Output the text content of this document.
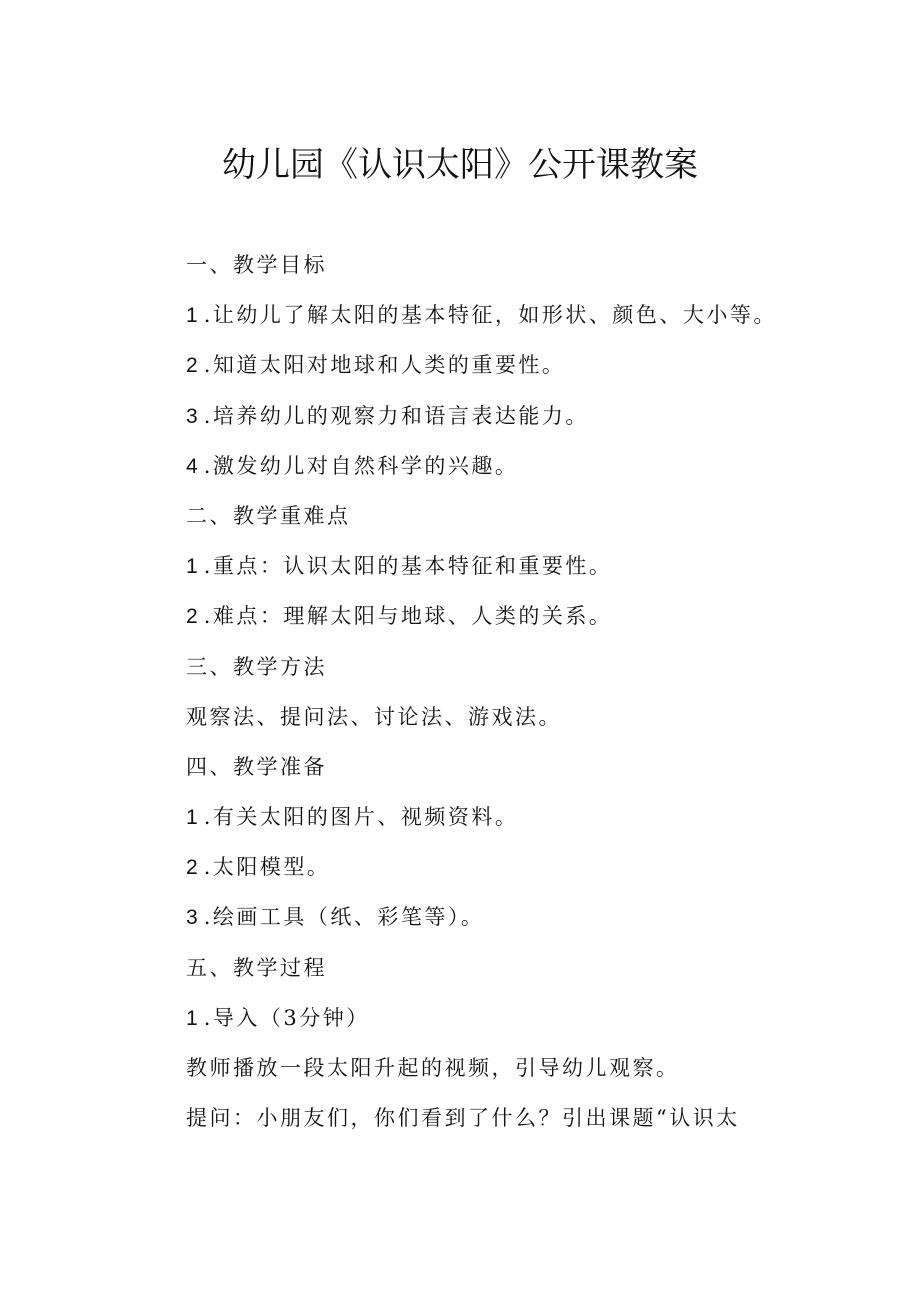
幼儿园《认识太阳》公开课教案
一、教学目标
1 .让幼儿了解太阳的基本特征，如形状、颜色、大小等。
2 .知道太阳对地球和人类的重要性。
3 .培养幼儿的观察力和语言表达能力。
4 .激发幼儿对自然科学的兴趣。
二、教学重难点
1 .重点：认识太阳的基本特征和重要性。
2 .难点：理解太阳与地球、人类的关系。
三、教学方法
观察法、提问法、讨论法、游戏法。
四、教学准备
1 .有关太阳的图片、视频资料。
2 .太阳模型。
3 .绘画工具（纸、彩笔等）。
五、教学过程
1 .导入（3分钟）
教师播放一段太阳升起的视频，引导幼儿观察。
提问：小朋友们，你们看到了什么？引出课题“认识太
